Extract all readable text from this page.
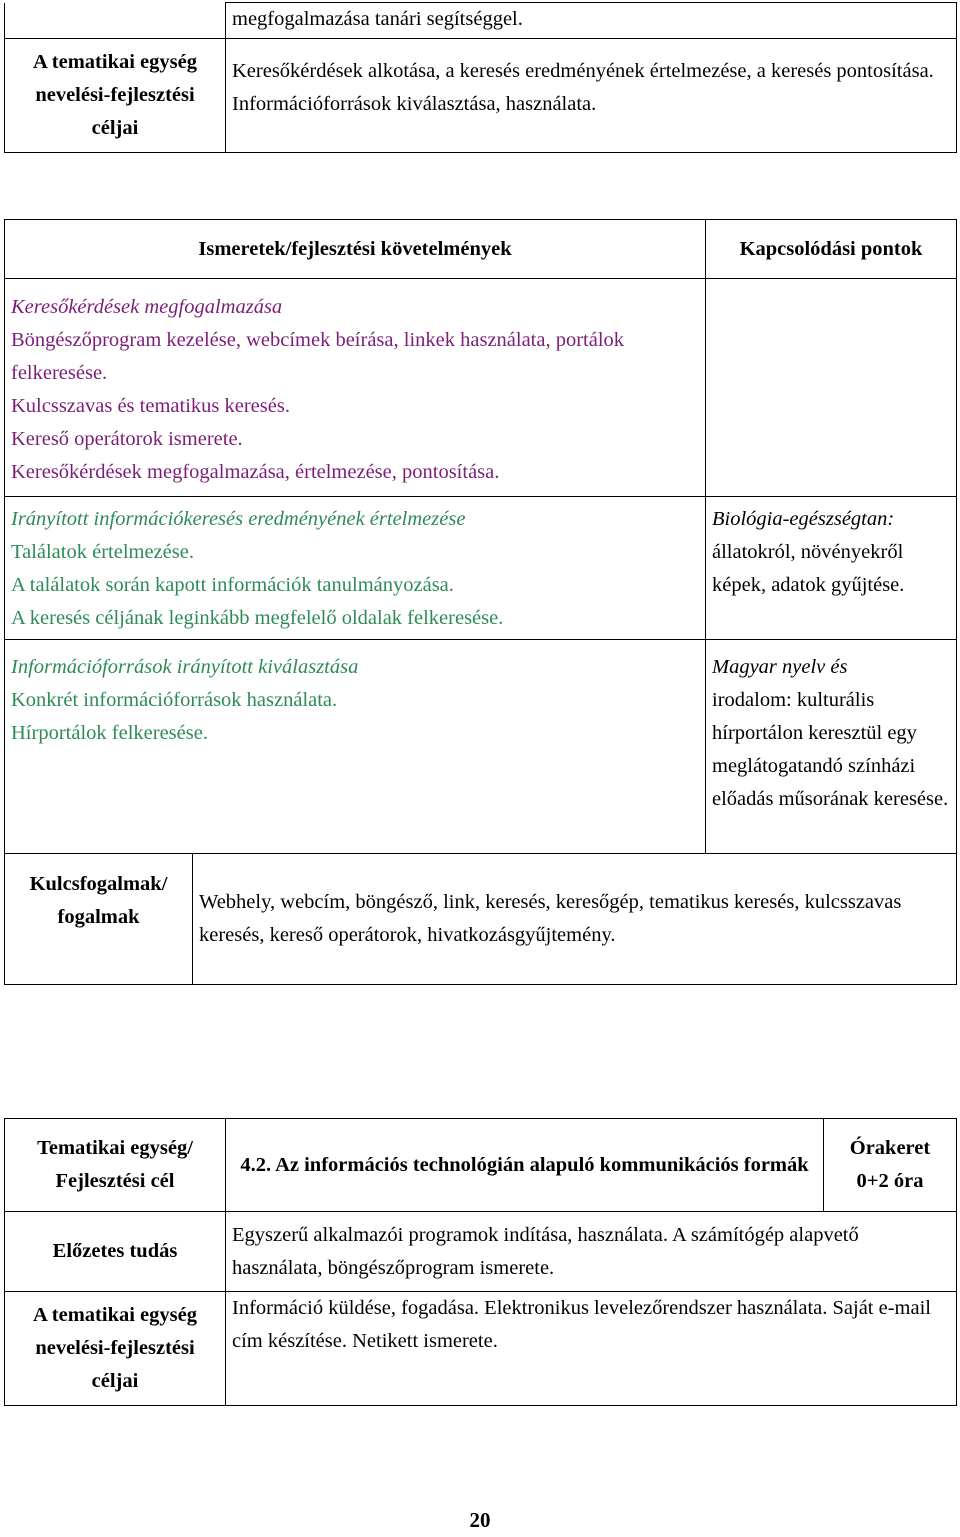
	megfogalmazása tanári segítséggel.
A tematikai egység nevelési-fejlesztési céljai	Keresőkérdések alkotása, a keresés eredményének értelmezése, a keresés pontosítása. Információforrások kiválasztása, használata.
Ismeretek/fejlesztési követelmények		Kapcsolódási pontok

Keresőkérdések megfogalmazása
Böngészőprogram kezelése, webcímek beírása, linkek használata, portálok felkeresése.
Kulcsszavas és tematikus keresés.
Kereső operátorok ismerete.
Keresőkérdések megfogalmazása, értelmezése, pontosítása.		

Irányított információkeresés eredményének értelmezése
Találatok értelmezése.
A találatok során kapott információk tanulmányozása.
A keresés céljának leginkább megfelelő oldalak felkeresése.		Biológia-egészségtan:
állatokról, növényekről képek, adatok gyűjtése.

Információforrások irányított kiválasztása
Konkrét információforrások használata.
Hírportálok felkeresése.		Magyar nyelv és
irodalom: kulturális hírportálon keresztül egy meglátogatandó színházi előadás műsorának keresése.

Kulcsfogalmak/ fogalmak	Webhely, webcím, böngésző, link, keresés, keresőgép, tematikus keresés, kulcsszavas keresés, kereső operátorok, hivatkozásgyűjtemény.	
Tematikai egység/ Fejlesztési cél	4.2. Az információs technológián alapuló kommunikációs formák	Órakeret
0+2 óra

Előzetes tudás	Egyszerű alkalmazói programok indítása, használata. A számítógép alapvető használata, böngészőprogram ismerete.	
A tematikai egység nevelési-fejlesztési céljai	Információ küldése, fogadása. Elektronikus levelezőrendszer használata. Saját e-mail cím készítése. Netikett ismerete.	
20
